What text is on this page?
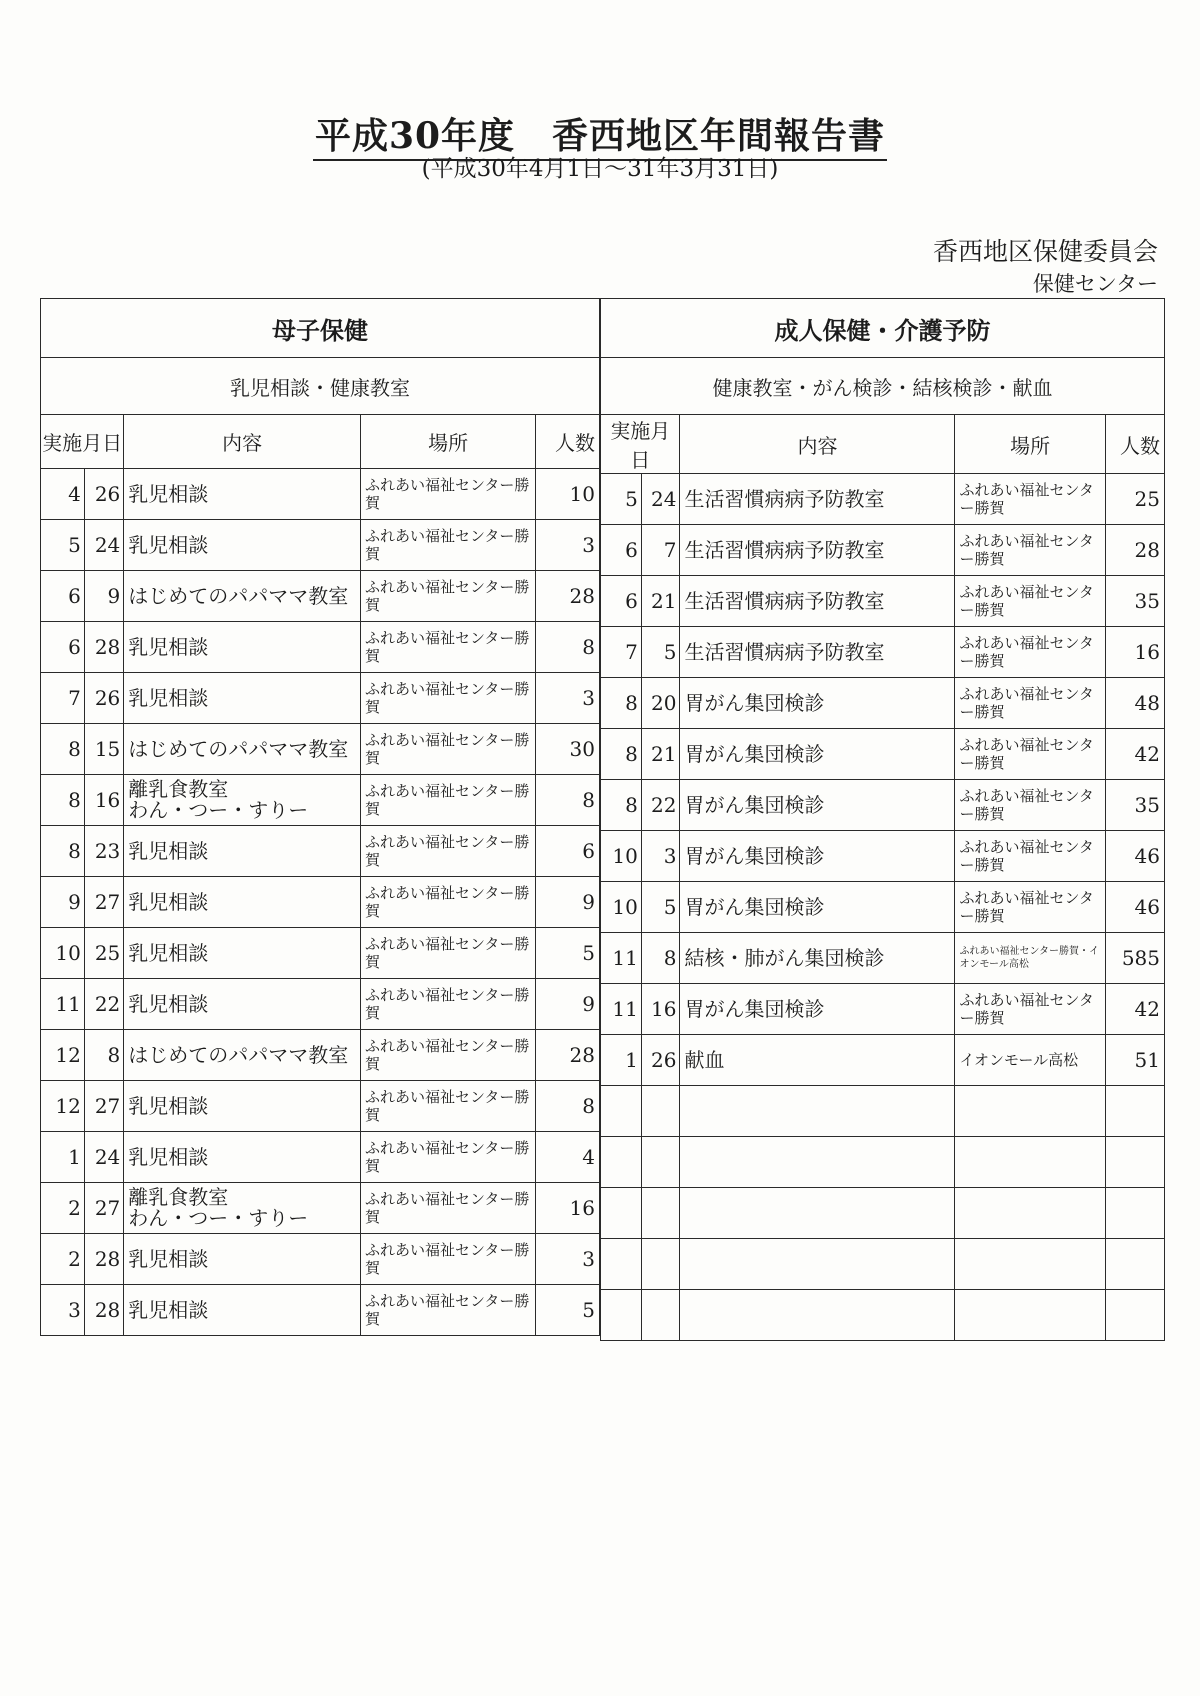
平成30年度　香西地区年間報告書
(平成30年4月1日～31年3月31日)
香西地区保健委員会
保健センター
母子保健				
乳児相談・健康教室				
実施月日		内容	場所	人数
4	26	乳児相談	ふれあい福祉センター勝賀	10
5	24	乳児相談	ふれあい福祉センター勝賀	3
6	9	はじめてのパパママ教室	ふれあい福祉センター勝賀	28
6	28	乳児相談	ふれあい福祉センター勝賀	8
7	26	乳児相談	ふれあい福祉センター勝賀	3
8	15	はじめてのパパママ教室	ふれあい福祉センター勝賀	30
8	16	離乳食教室
わん・つー・すりー	ふれあい福祉センター勝賀	8
8	23	乳児相談	ふれあい福祉センター勝賀	6
9	27	乳児相談	ふれあい福祉センター勝賀	9
10	25	乳児相談	ふれあい福祉センター勝賀	5
11	22	乳児相談	ふれあい福祉センター勝賀	9
12	8	はじめてのパパママ教室	ふれあい福祉センター勝賀	28
12	27	乳児相談	ふれあい福祉センター勝賀	8
1	24	乳児相談	ふれあい福祉センター勝賀	4
2	27	離乳食教室
わん・つー・すりー	ふれあい福祉センター勝賀	16
2	28	乳児相談	ふれあい福祉センター勝賀	3
3	28	乳児相談	ふれあい福祉センター勝賀	5
成人保健・介護予防				
健康教室・がん検診・結核検診・献血				
実施月日		内容	場所	人数
5	24	生活習慣病病予防教室	ふれあい福祉センター勝賀	25
6	7	生活習慣病病予防教室	ふれあい福祉センター勝賀	28
6	21	生活習慣病病予防教室	ふれあい福祉センター勝賀	35
7	5	生活習慣病病予防教室	ふれあい福祉センター勝賀	16
8	20	胃がん集団検診	ふれあい福祉センター勝賀	48
8	21	胃がん集団検診	ふれあい福祉センター勝賀	42
8	22	胃がん集団検診	ふれあい福祉センター勝賀	35
10	3	胃がん集団検診	ふれあい福祉センター勝賀	46
10	5	胃がん集団検診	ふれあい福祉センター勝賀	46
11	8	結核・肺がん集団検診	ふれあい福祉センター勝賀・イオンモール高松	585
11	16	胃がん集団検診	ふれあい福祉センター勝賀	42
1	26	献血	イオンモール高松	51
